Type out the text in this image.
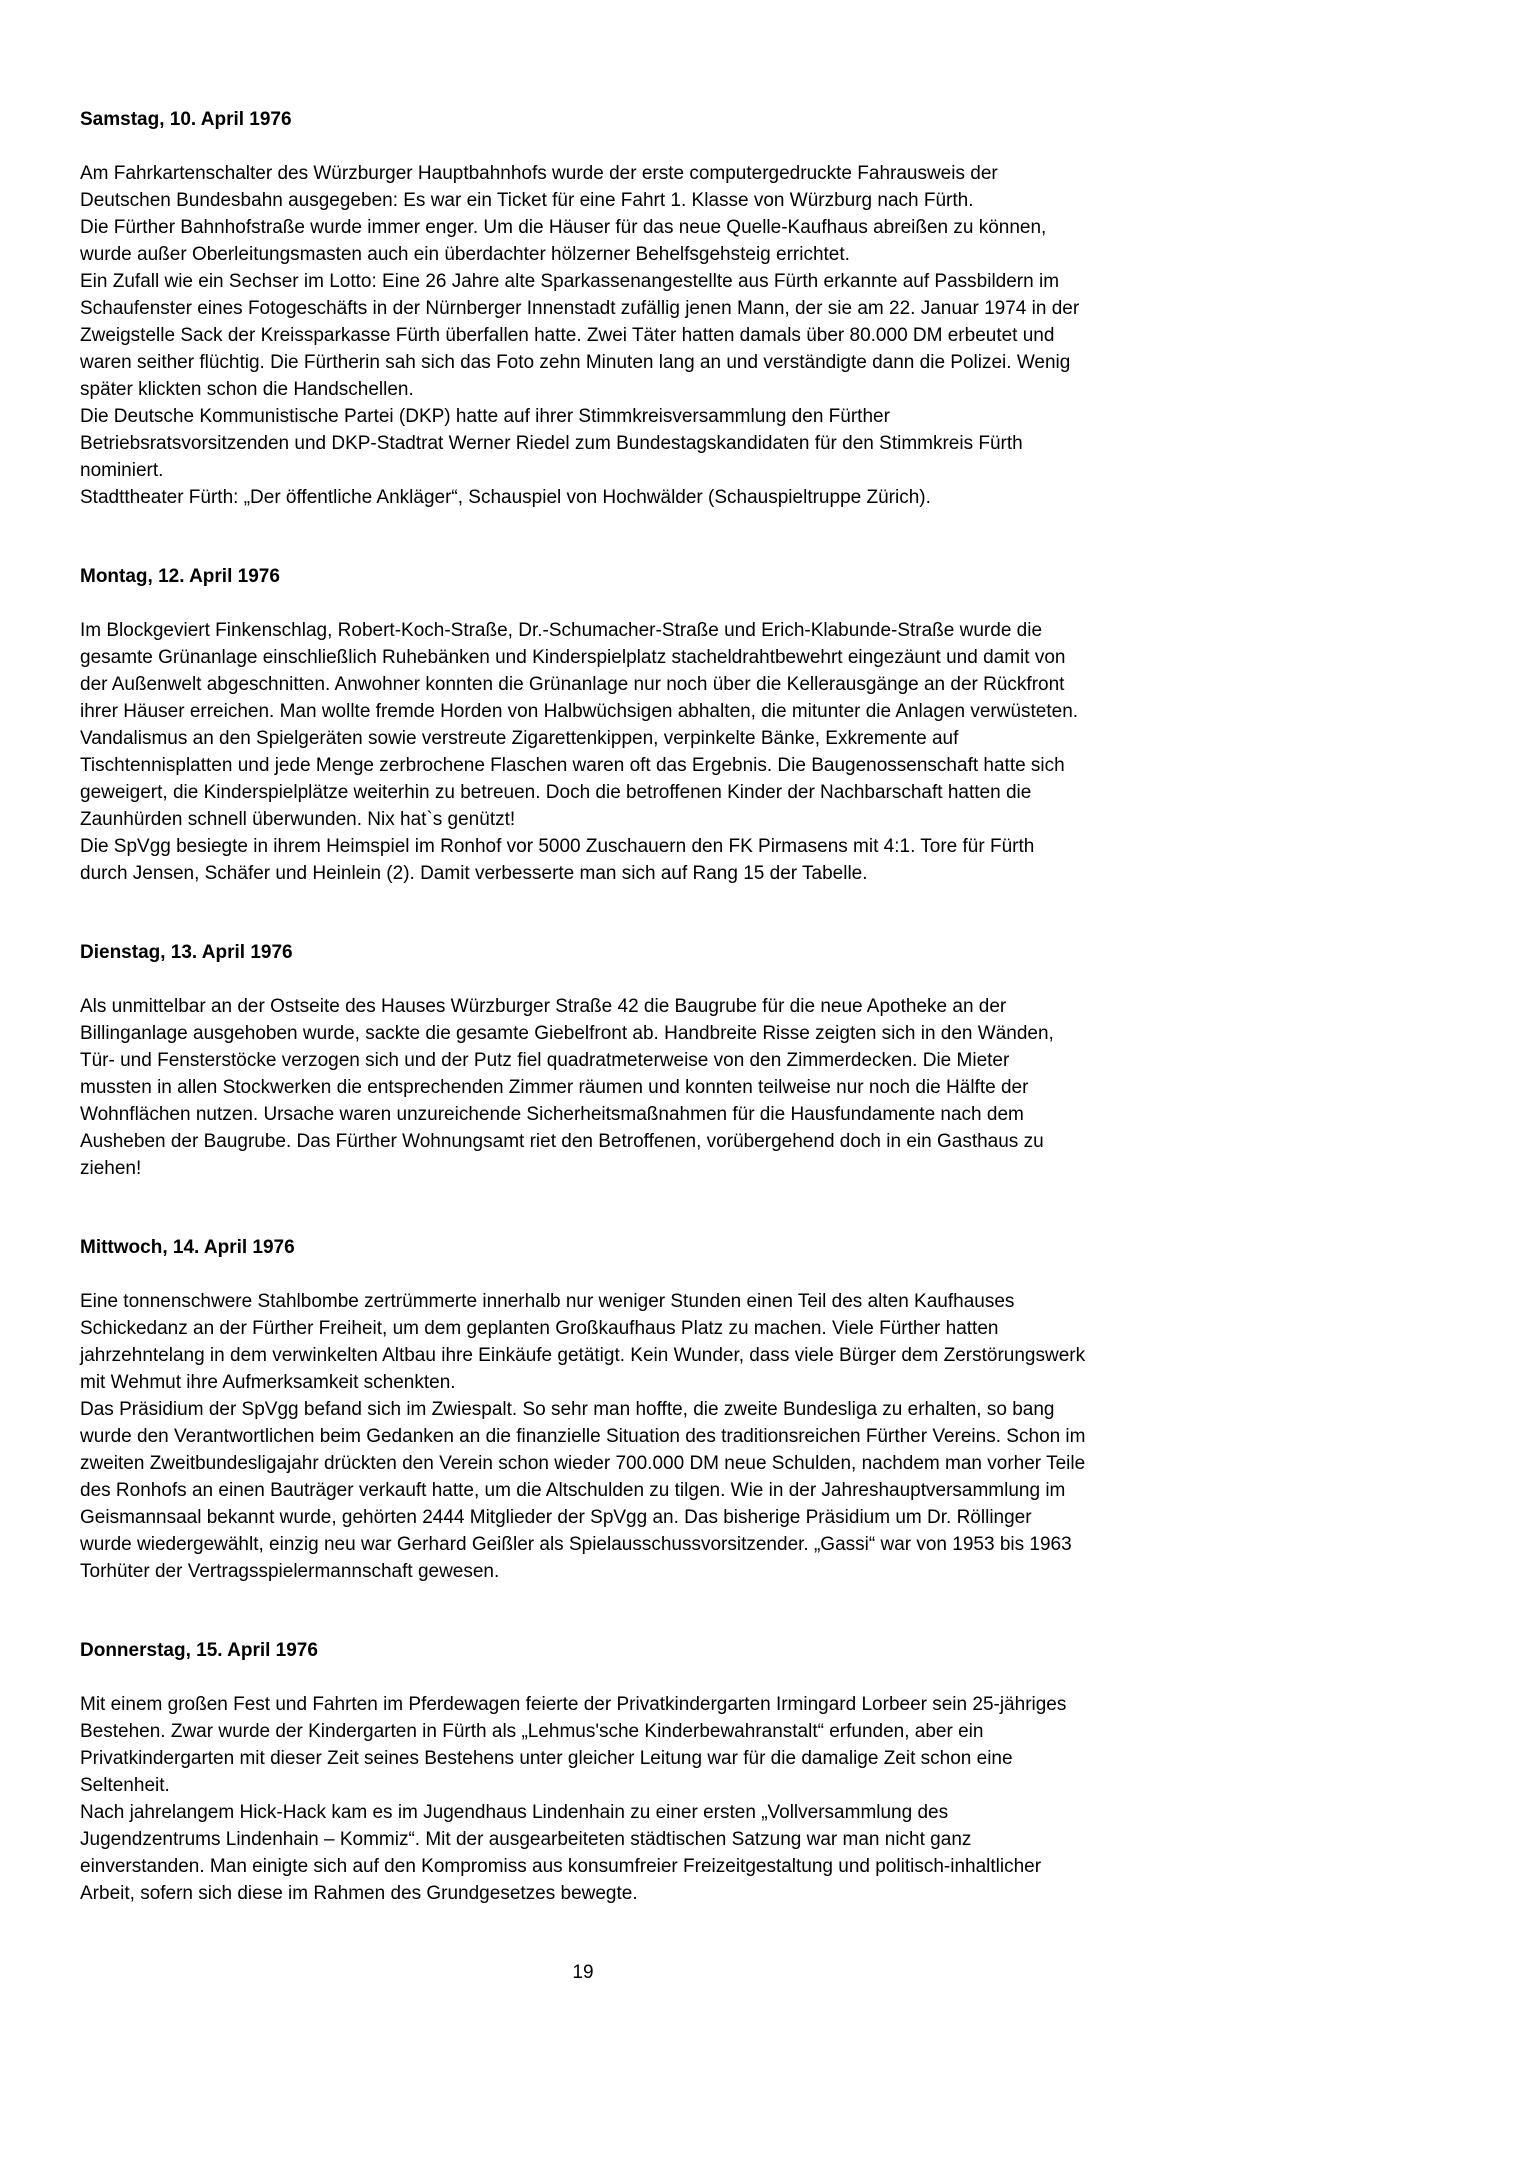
Samstag, 10. April 1976

Am Fahrkartenschalter des Würzburger Hauptbahnhofs wurde der erste computergedruckte Fahrausweis der Deutschen Bundesbahn ausgegeben: Es war ein Ticket für eine Fahrt 1. Klasse von Würzburg nach Fürth.

Die Fürther Bahnhofstraße wurde immer enger. Um die Häuser für das neue Quelle-Kaufhaus abreißen zu können, wurde außer Oberleitungsmasten auch ein überdachter hölzerner Behelfsgehsteig errichtet.

Ein Zufall wie ein Sechser im Lotto: Eine 26 Jahre alte Sparkassenangestellte aus Fürth erkannte auf Passbildern im Schaufenster eines Fotogeschäfts in der Nürnberger Innenstadt zufällig jenen Mann, der sie am 22. Januar 1974 in der Zweigstelle Sack der Kreissparkasse Fürth überfallen hatte. Zwei Täter hatten damals über 80.000 DM erbeutet und waren seither flüchtig. Die Fürtherin sah sich das Foto zehn Minuten lang an und verständigte dann die Polizei. Wenig später klickten schon die Handschellen.

Die Deutsche Kommunistische Partei (DKP) hatte auf ihrer Stimmkreisversammlung den Fürther Betriebsratsvorsitzenden und DKP-Stadtrat Werner Riedel zum Bundestagskandidaten für den Stimmkreis Fürth nominiert.

Stadttheater Fürth: „Der öffentliche Ankläger“, Schauspiel von Hochwälder (Schauspieltruppe Zürich).

Montag, 12. April 1976

Im Blockgeviert Finkenschlag, Robert-Koch-Straße, Dr.-Schumacher-Straße und Erich-Klabunde-Straße wurde die gesamte Grünanlage einschließlich Ruhebänken und Kinderspielplatz stacheldrahtbewehrt eingezäunt und damit von der Außenwelt abgeschnitten. Anwohner konnten die Grünanlage nur noch über die Kellerausgänge an der Rückfront ihrer Häuser erreichen. Man wollte fremde Horden von Halbwüchsigen abhalten, die mitunter die Anlagen verwüsteten. Vandalismus an den Spielgeräten sowie verstreute Zigarettenkippen, verpinkelte Bänke, Exkremente auf Tischtennisplatten und jede Menge zerbrochene Flaschen waren oft das Ergebnis. Die Baugenossenschaft hatte sich geweigert, die Kinderspielplätze weiterhin zu betreuen. Doch die betroffenen Kinder der Nachbarschaft hatten die Zaunhürden schnell überwunden. Nix hat`s genützt!

Die SpVgg besiegte in ihrem Heimspiel im Ronhof vor 5000 Zuschauern den FK Pirmasens mit 4:1. Tore für Fürth durch Jensen, Schäfer und Heinlein (2). Damit verbesserte man sich auf Rang 15 der Tabelle.

Dienstag, 13. April 1976

Als unmittelbar an der Ostseite des Hauses Würzburger Straße 42 die Baugrube für die neue Apotheke an der Billinganlage ausgehoben wurde, sackte die gesamte Giebelfront ab. Handbreite Risse zeigten sich in den Wänden, Tür- und Fensterstöcke verzogen sich und der Putz fiel quadratmeterweise von den Zimmerdecken. Die Mieter mussten in allen Stockwerken die entsprechenden Zimmer räumen und konnten teilweise nur noch die Hälfte der Wohnflächen nutzen. Ursache waren unzureichende Sicherheitsmaßnahmen für die Hausfundamente nach dem Ausheben der Baugrube. Das Fürther Wohnungsamt riet den Betroffenen, vorübergehend doch in ein Gasthaus zu ziehen!

Mittwoch, 14. April 1976

Eine tonnenschwere Stahlbombe zertrümmerte innerhalb nur weniger Stunden einen Teil des alten Kaufhauses Schickedanz an der Fürther Freiheit, um dem geplanten Großkaufhaus Platz zu machen. Viele Fürther hatten jahrzehntelang in dem verwinkelten Altbau ihre Einkäufe getätigt. Kein Wunder, dass viele Bürger dem Zerstörungswerk mit Wehmut ihre Aufmerksamkeit schenkten.

Das Präsidium der SpVgg befand sich im Zwiespalt. So sehr man hoffte, die zweite Bundesliga zu erhalten, so bang wurde den Verantwortlichen beim Gedanken an die finanzielle Situation des traditionsreichen Fürther Vereins. Schon im zweiten Zweitbundesligajahr drückten den Verein schon wieder 700.000 DM neue Schulden, nachdem man vorher Teile des Ronhofs an einen Bauträger verkauft hatte, um die Altschulden zu tilgen. Wie in der Jahreshauptversammlung im Geismannsaal bekannt wurde, gehörten 2444 Mitglieder der SpVgg an. Das bisherige Präsidium um Dr. Röllinger wurde wiedergewählt, einzig neu war Gerhard Geißler als Spielausschussvorsitzender. „Gassi“ war von 1953 bis 1963 Torhüter der Vertragsspielermannschaft gewesen.

Donnerstag, 15. April 1976

Mit einem großen Fest und Fahrten im Pferdewagen feierte der Privatkindergarten Irmingard Lorbeer sein 25-jähriges Bestehen. Zwar wurde der Kindergarten in Fürth als „Lehmus'sche Kinderbewahranstalt“ erfunden, aber ein Privatkindergarten mit dieser Zeit seines Bestehens unter gleicher Leitung war für die damalige Zeit schon eine Seltenheit.

Nach jahrelangem Hick-Hack kam es im Jugendhaus Lindenhain zu einer ersten „Vollversammlung des Jugendzentrums Lindenhain – Kommiz“. Mit der ausgearbeiteten städtischen Satzung war man nicht ganz einverstanden. Man einigte sich auf den Kompromiss aus konsumfreier Freizeitgestaltung und politisch-inhaltlicher Arbeit, sofern sich diese im Rahmen des Grundgesetzes bewegte.

19
